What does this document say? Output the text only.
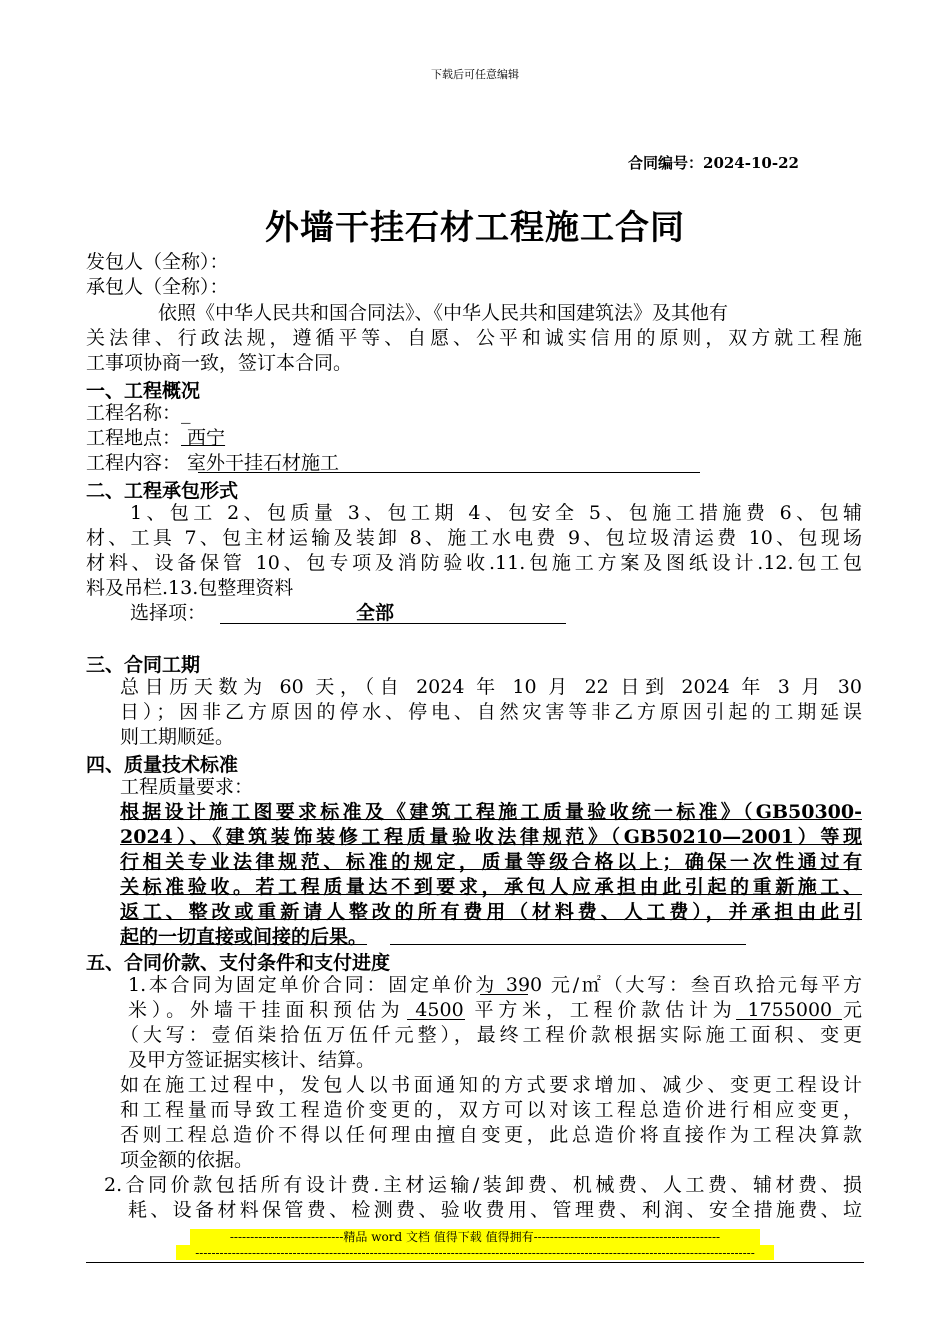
下载后可任意编辑
合同编号：2024-10-22
外墙干挂石材工程施工合同
发包人（全称）：
承包人（全称）：
依照《中华人民共和国合同法》、《中华人民共和国建筑法》及其他有
关法律、行政法规，遵循平等、自愿、公平和诚实信用的原则，双方就工程施
工事项协商一致，签订本合同。
一、工程概况
工程名称：_
工程地点： 西宁
工程内容： 室外干挂石材施工
二、工程承包形式
1、包工 2、包质量 3、包工期 4、包安全 5、包施工措施费 6、包辅
材、工具 7、包主材运输及装卸 8、施工水电费 9、包垃圾清运费 10、包现场
材料、设备保管 10、包专项及消防验收.11.包施工方案及图纸设计.12.包工包
料及吊栏.13.包整理资料
选择项：	全部
三、合同工期
总日历天数为 60 天，（自 2024 年 10 月 22 日到 2024 年 3 月 30
日）；因非乙方原因的停水、停电、自然灾害等非乙方原因引起的工期延误
则工期顺延。
四、质量技术标准
工程质量要求：
根据设计施工图要求标准及《建筑工程施工质量验收统一标准》（GB50300-
2024）、《建筑装饰装修工程质量验收法律规范》（GB50210—2001）等现
行相关专业法律规范、标准的规定，质量等级合格以上；确保一次性通过有
关标准验收。若工程质量达不到要求，承包人应承担由此引起的重新施工、
返工、整改或重新请人整改的所有费用（材料费、人工费），并承担由此引
起的一切直接或间接的后果。
五、合同价款、支付条件和支付进度
1.本合同为固定单价合同：固定单价为 390 元/㎡（大写：叁百玖拾元每平方
米）。外墙干挂面积预估为 4500 平方米，工程价款估计为 1755000 元
（大写：壹佰柒拾伍万伍仟元整），最终工程价款根据实际施工面积、变更
及甲方签证据实核计、结算。
如在施工过程中，发包人以书面通知的方式要求增加、减少、变更工程设计
和工程量而导致工程造价变更的，双方可以对该工程总造价进行相应变更，
否则工程总造价不得以任何理由擅自变更，此总造价将直接作为工程决算款
项金额的依据。
2.合同价款包括所有设计费.主材运输/装卸费、机械费、人工费、辅材费、损
耗、设备材料保管费、检测费、验收费用、管理费、利润、安全措施费、垃
----------------------------精品 word 文档 值得下载 值得拥有----------------------------------------------
------------------------------------------------------------------------------------------------------------------------------------------
